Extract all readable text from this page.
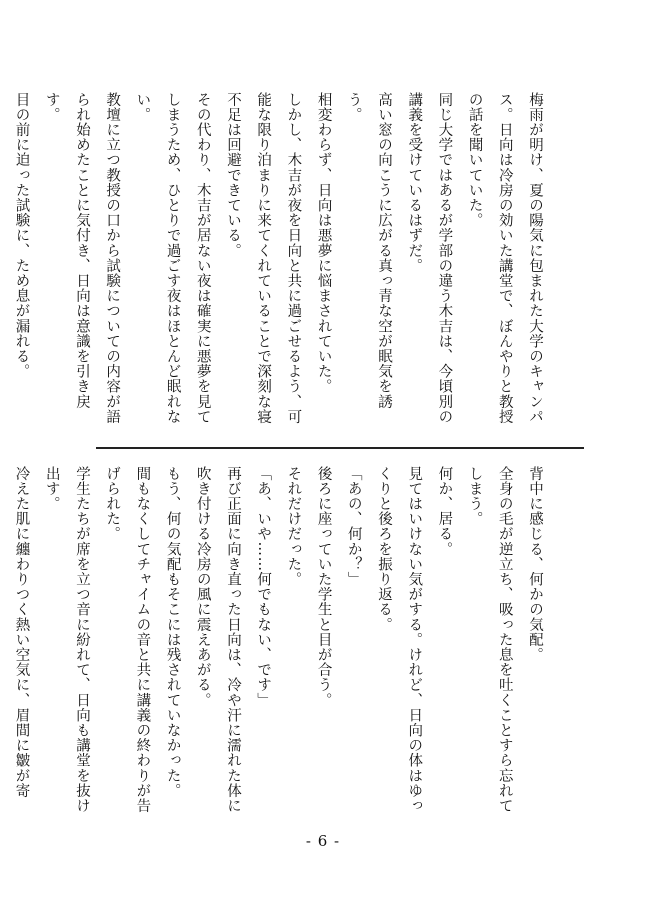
梅雨が明け、夏の陽気に包まれた大学のキャンパス。日向は冷房の効いた講堂で、ぼんやりと教授の話を聞いていた。

同じ大学ではあるが学部の違う木吉は、今頃別の講義を受けているはずだ。

高い窓の向こうに広がる真っ青な空が眠気を誘う。

相変わらず、日向は悪夢に悩まされていた。

しかし、木吉が夜を日向と共に過ごせるよう、可能な限り泊まりに来てくれていることで深刻な寝不足は回避できている。

その代わり、木吉が居ない夜は確実に悪夢を見てしまうため、ひとりで過ごす夜はほとんど眠れない。

教壇に立つ教授の口から試験についての内容が語られ始めたことに気付き、日向は意識を引き戻す。

目の前に迫った試験に、ため息が漏れる。

背中に感じる、何かの気配。

全身の毛が逆立ち、吸った息を吐くことすら忘れてしまう。

何か、居る。

見てはいけない気がする。けれど、日向の体はゆっくりと後ろを振り返る。

「あの、何か？」

後ろに座っていた学生と目が合う。

それだけだった。

「あ、いや……何でもない、です」

再び正面に向き直った日向は、冷や汗に濡れた体に吹き付ける冷房の風に震えあがる。

もう、何の気配もそこには残されていなかった。

間もなくしてチャイムの音と共に講義の終わりが告げられた。

学生たちが席を立つ音に紛れて、日向も講堂を抜け出す。

冷えた肌に纏わりつく熱い空気に、眉間に皺が寄

- 6 -
